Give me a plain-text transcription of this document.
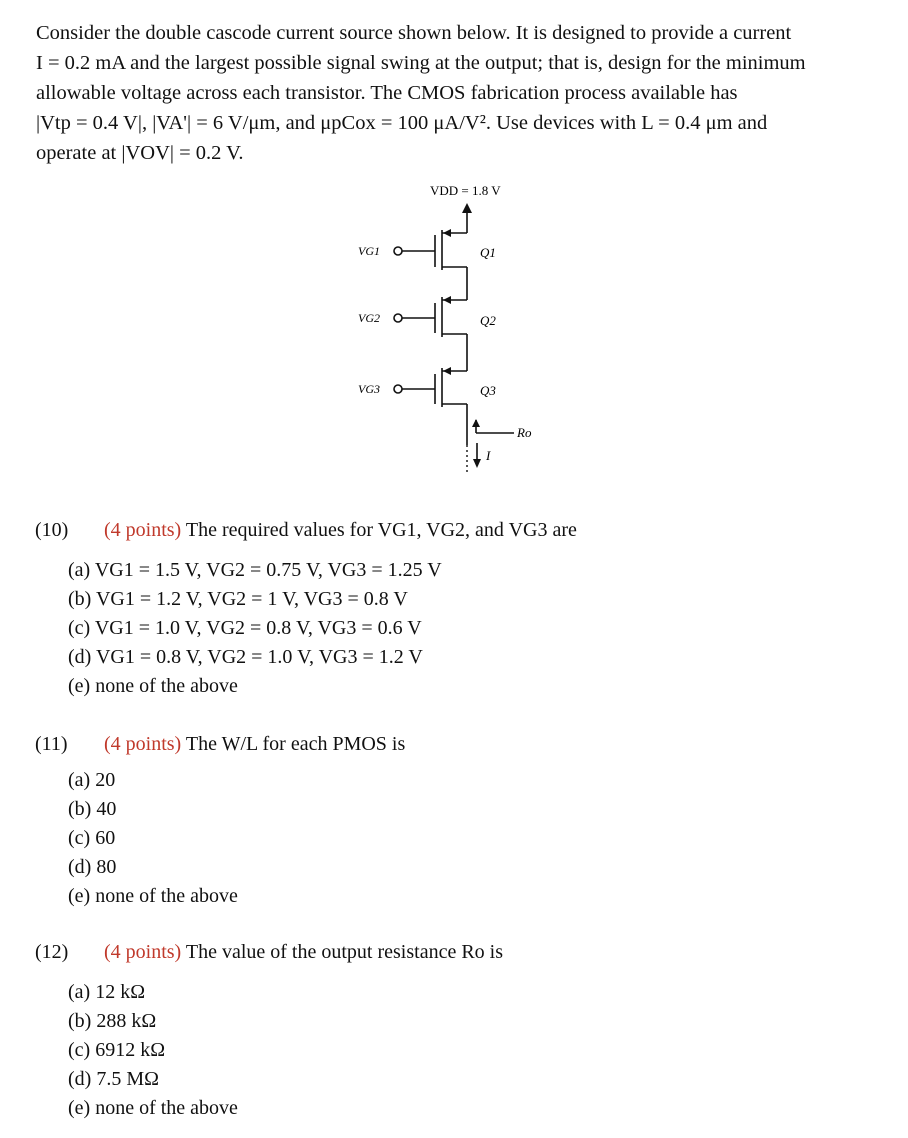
Consider the double cascode current source shown below. It is designed to provide a current

I = 0.2 mA and the largest possible signal swing at the output; that is, design for the minimum

allowable voltage across each transistor. The CMOS fabrication process available has

|Vtp = 0.4 V|, |VA'| = 6 V/μm, and μpCox = 100 μA/V². Use devices with L = 0.4 μm and

operate at |VOV| = 0.2 V.

VDD = 1.8 V
VG1
VG2
VG3
Q1
Q2
Q3
Ro
I
(10) (4 points) The required values for VG1, VG2, and VG3 are
(a) VG1 = 1.5 V, VG2 = 0.75 V, VG3 = 1.25 V
(b) VG1 = 1.2 V, VG2 = 1 V, VG3 = 0.8 V
(c) VG1 = 1.0 V, VG2 = 0.8 V, VG3 = 0.6 V
(d) VG1 = 0.8 V, VG2 = 1.0 V, VG3 = 1.2 V
(e) none of the above
(11) (4 points) The W/L for each PMOS is
(a) 20
(b) 40
(c) 60
(d) 80
(e) none of the above
(12) (4 points) The value of the output resistance Ro is
(a) 12 kΩ
(b) 288 kΩ
(c) 6912 kΩ
(d) 7.5 MΩ
(e) none of the above
